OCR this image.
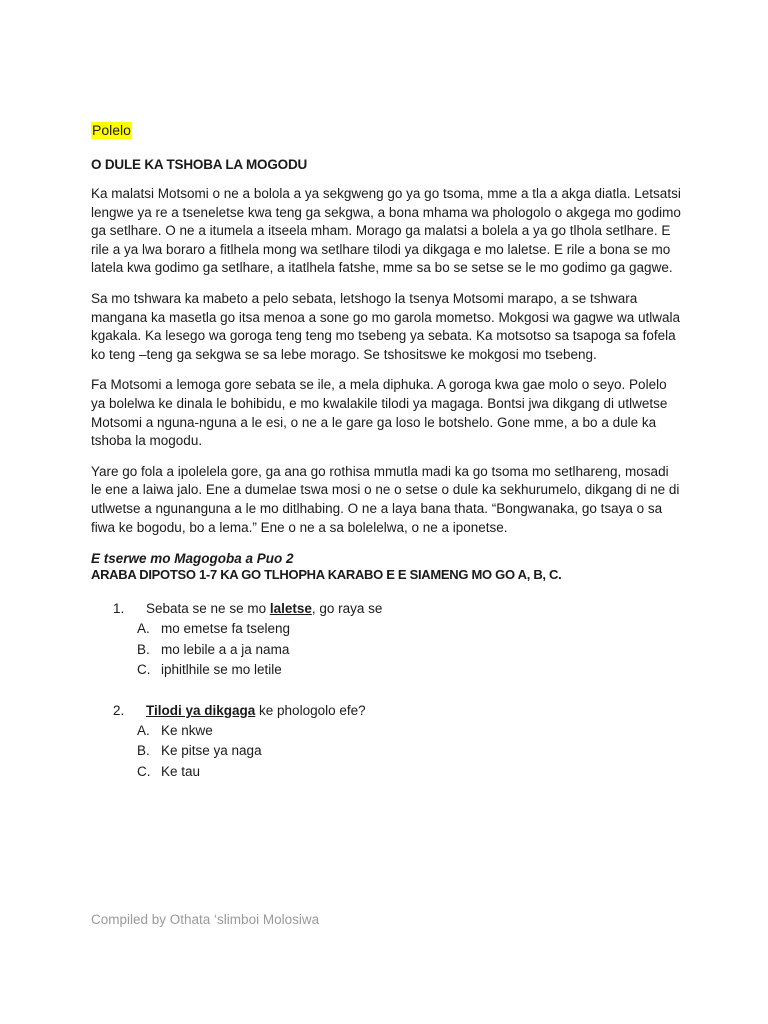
Polelo
O DULE KA TSHOBA LA MOGODU

Ka malatsi Motsomi o ne a bolola a ya sekgweng go ya go tsoma, mme a tla a akga diatla. Letsatsi lengwe ya re a tseneletse kwa teng ga sekgwa, a bona mhama wa phologolo o akgega mo godimo ga setlhare. O ne a itumela a itseela mham. Morago ga malatsi a bolela a ya go tlhola setlhare. E rile a ya lwa boraro a fitlhela mong wa setlhare tilodi ya dikgaga e mo laletse. E rile a bona se mo latela kwa godimo ga setlhare, a itatlhela fatshe, mme sa bo se setse se le mo godimo ga gagwe.

Sa mo tshwara ka mabeto a pelo sebata, letshogo la tsenya Motsomi marapo, a se tshwara mangana ka masetla go itsa menoa a sone go mo garola mometso. Mokgosi wa gagwe wa utlwala kgakala. Ka lesego wa goroga teng teng mo tsebeng ya sebata. Ka motsotso sa tsapoga sa fofela ko teng –teng ga sekgwa se sa lebe morago. Se tshositswe ke mokgosi mo tsebeng.

Fa Motsomi a lemoga gore sebata se ile, a mela diphuka. A goroga kwa gae molo o seyo. Polelo ya bolelwa ke dinala le bohibidu, e mo kwalakile tilodi ya magaga. Bontsi jwa dikgang di utlwetse Motsomi a nguna-nguna a le esi, o ne a le gare ga loso le botshelo. Gone mme, a bo a dule ka tshoba la mogodu.

Yare go fola a ipolelela gore, ga ana go rothisa mmutla madi ka go tsoma mo setlhareng, mosadi le ene a laiwa jalo. Ene a dumelae tswa mosi o ne o setse o dule ka sekhurumelo, dikgang di ne di utlwetse a ngunanguna a le mo ditlhabing. O ne a laya bana thata. “Bongwanaka, go tsaya o sa fiwa ke bogodu, bo a lema.” Ene o ne a sa bolelelwa, o ne a iponetse.

E tserwe mo Magogoba a Puo 2
ARABA DIPOTSO 1-7 KA GO TLHOPHA KARABO E E SIAMENG MO GO A, B, C.
1.	Sebata se ne se mo laletse, go raya se
A. mo emetse fa tseleng
B. mo lebile a a ja nama
C. iphitlhile se mo letile
2.	Tilodi ya dikgaga ke phologolo efe?
A. Ke nkwe
B. Ke pitse ya naga
C. Ke tau
Compiled by Othata ‘slimboi Molosiwa
